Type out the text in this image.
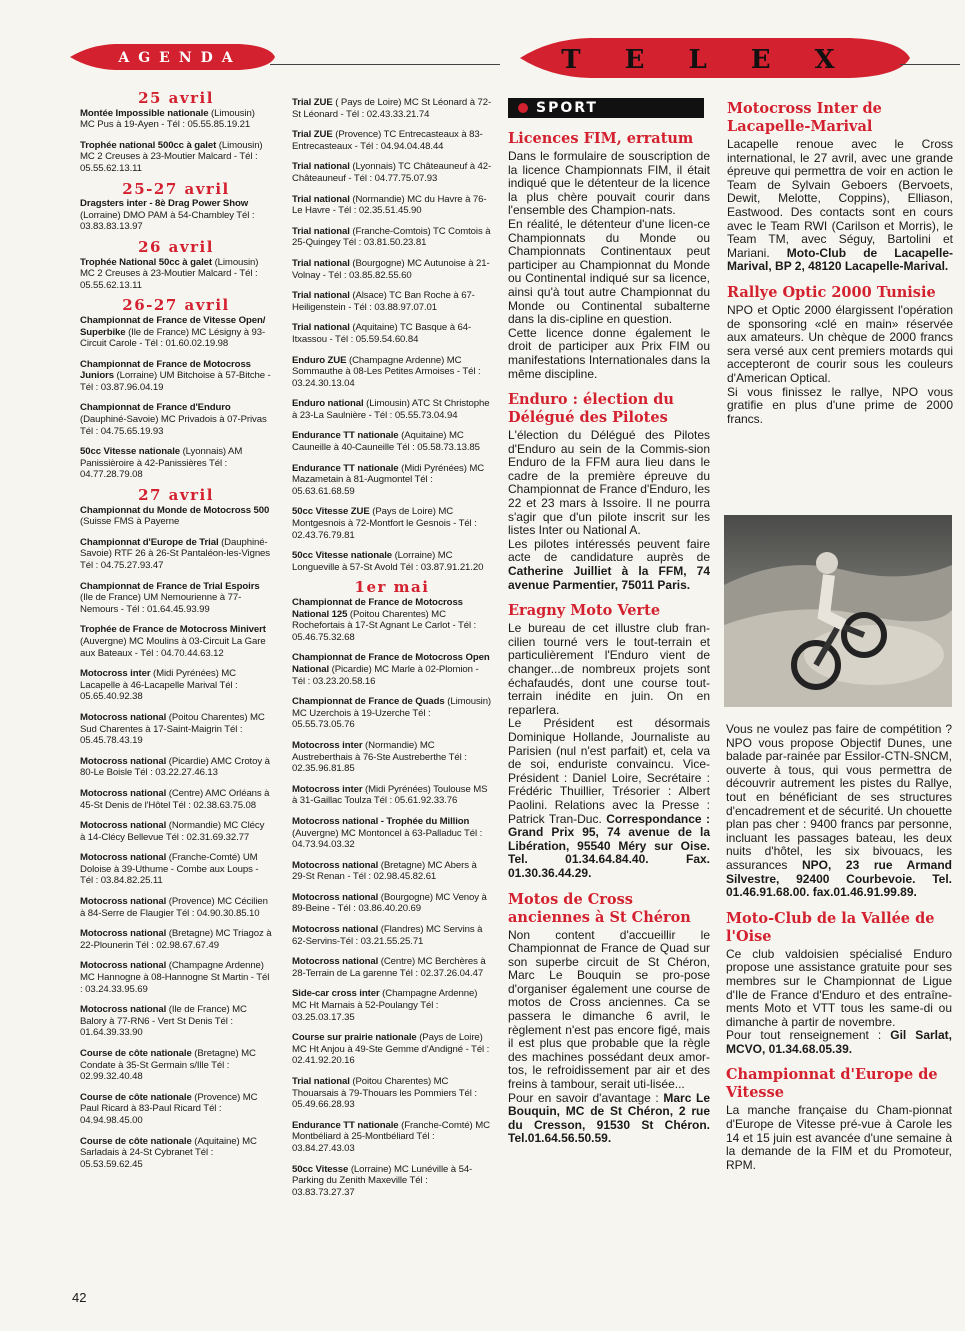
AGENDA	TELEX
25 avril
Montée Impossible nationale (Limousin) MC Pus à 19-Ayen - Tél : 05.55.85.19.21
Trophée national 500cc à galet (Limousin) MC 2 Creuses à 23-Moutier Malcard - Tél : 05.55.62.13.11
25-27 avril
Dragsters inter - 8è Drag Power Show (Lorraine) DMO PAM à 54-Chambley Tél : 03.83.83.13.97
26 avril
Trophée National 50cc à galet (Limousin) MC 2 Creuses à 23-Moutier Malcard - Tél : 05.55.62.13.11
26-27 avril
Championnat de France de Vitesse Open/ Superbike (Ile de France) MC Lésigny à 93-Circuit Carole - Tél : 01.60.02.19.98
Championnat de France de Motocross Juniors (Lorraine) UM Bitchoise à 57-Bitche - Tél : 03.87.96.04.19
Championnat de France d'Enduro (Dauphiné-Savoie) MC Privadois à 07-Privas Tél : 04.75.65.19.93
50cc Vitesse nationale (Lyonnais) AM Panissièroire à 42-Panissières Tél : 04.77.28.79.08
27 avril
Championnat du Monde de Motocross 500 (Suisse FMS à Payerne
Championnat d'Europe de Trial (Dauphiné-Savoie) RTF 26 à 26-St Pantaléon-les-Vignes Tél : 04.75.27.93.47
Championnat de France de Trial Espoirs (Ile de France) UM Nemourienne à 77-Nemours - Tél : 01.64.45.93.99
Trophée de France de Motocross Minivert (Auvergne) MC Moulins à 03-Circuit La Gare aux Bateaux - Tél : 04.70.44.63.12
Motocross inter (Midi Pyrénées) MC Lacapelle à 46-Lacapelle Marival Tél : 05.65.40.92.38
Motocross national (Poitou Charentes) MC Sud Charentes à 17-Saint-Maigrin Tél : 05.45.78.43.19
Motocross national (Picardie) AMC Crotoy à 80-Le Boisle Tél : 03.22.27.46.13
Motocross national (Centre) AMC Orléans à 45-St Denis de l'Hôtel Tél : 02.38.63.75.08
Motocross national (Normandie) MC Clécy à 14-Clécy Bellevue Tél : 02.31.69.32.77
Motocross national (Franche-Comté) UM Doloise à 39-Uthume - Combe aux Loups - Tél : 03.84.82.25.11
Motocross national (Provence) MC Cécilien à 84-Serre de Flaugier Tél : 04.90.30.85.10
Motocross national (Bretagne) MC Triagoz à 22-Plounerin Tél : 02.98.67.67.49
Motocross national (Champagne Ardenne) MC Hannogne à 08-Hannogne St Martin - Tél : 03.24.33.95.69
Motocross national (Ile de France) MC Balory à 77-RN6 - Vert St Denis Tél : 01.64.39.33.90
Course de côte nationale (Bretagne) MC Condate à 35-St Germain s/Ille Tél : 02.99.32.40.48
Course de côte nationale (Provence) MC Paul Ricard à 83-Paul Ricard Tél : 04.94.98.45.00
Course de côte nationale (Aquitaine) MC Sarladais à 24-St Cybranet Tél : 05.53.59.62.45
Trial ZUE ( Pays de Loire) MC St Léonard à 72-St Léonard - Tél : 02.43.33.21.74
Trial ZUE (Provence) TC Entrecasteaux à 83-Entrecasteaux - Tél : 04.94.04.48.44
Trial national (Lyonnais) TC Châteauneuf à 42-Châteauneuf - Tél : 04.77.75.07.93
Trial national (Normandie) MC du Havre à 76-Le Havre - Tél : 02.35.51.45.90
Trial national (Franche-Comtois) TC Comtois à 25-Quingey Tél : 03.81.50.23.81
Trial national (Bourgogne) MC Autunoise à 21-Volnay - Tél : 03.85.82.55.60
Trial national (Alsace) TC Ban Roche à 67-Heiligenstein - Tél : 03.88.97.07.01
Trial national (Aquitaine) TC Basque à 64-Itxassou - Tél : 05.59.54.60.84
Enduro ZUE (Champagne Ardenne) MC Sommauthe à 08-Les Petites Armoises - Tél : 03.24.30.13.04
Enduro national (Limousin) ATC St Christophe à 23-La Saulnière - Tél : 05.55.73.04.94
Endurance TT nationale (Aquitaine) MC Cauneille à 40-Cauneille Tél : 05.58.73.13.85
Endurance TT nationale (Midi Pyrénées) MC Mazametain à 81-Augmontel Tél : 05.63.61.68.59
50cc Vitesse ZUE (Pays de Loire) MC Montgesnois à 72-Montfort le Gesnois - Tél : 02.43.76.79.81
50cc Vitesse nationale (Lorraine) MC Longueville à 57-St Avold Tél : 03.87.91.21.20
1er mai
Championnat de France de Motocross National 125 (Poitou Charentes) MC Rochefortais à 17-St Agnant Le Carlot - Tél : 05.46.75.32.68
Championnat de France de Motocross Open National (Picardie) MC Marle à 02-Plomion - Tél : 03.23.20.58.16
Championnat de France de Quads (Limousin) MC Uzerchois à 19-Uzerche Tél : 05.55.73.05.76
Motocross inter (Normandie) MC Austreberthais à 76-Ste Austreberthe Tél : 02.35.96.81.85
Motocross inter (Midi Pyrénées) Toulouse MS à 31-Gaillac Toulza Tél : 05.61.92.33.76
Motocross national - Trophée du Million (Auvergne) MC Montoncel à 63-Palladuc Tél : 04.73.94.03.32
Motocross national (Bretagne) MC Abers à 29-St Renan - Tél : 02.98.45.82.61
Motocross national (Bourgogne) MC Venoy à 89-Beine - Tél : 03.86.40.20.69
Motocross national (Flandres) MC Servins à 62-Servins-Tél : 03.21.55.25.71
Motocross national (Centre) MC Berchères à 28-Terrain de La garenne Tél : 02.37.26.04.47
Side-car cross inter (Champagne Ardenne) MC Ht Marnais à 52-Poulangy Tél : 03.25.03.17.35
Course sur prairie nationale (Pays de Loire) MC Ht Anjou à 49-Ste Gemme d'Andigné - Tél : 02.41.92.20.16
Trial national (Poitou Charentes) MC Thouarsais à 79-Thouars les Pommiers Tél : 05.49.66.28.93
Endurance TT nationale (Franche-Comté) MC Montbéliard à 25-Montbéliard Tél : 03.84.27.43.03
50cc Vitesse (Lorraine) MC Lunéville à 54-Parking du Zenith Maxeville Tél : 03.83.73.27.37
SPORT
Licences FIM, erratum

Dans le formulaire de souscription de la licence Championnats FIM, il était indiqué que le détenteur de la licence la plus chère pouvait courir dans l'ensemble des Champion-nats.

En réalité, le détenteur d'une licen-ce Championnats du Monde ou Championnats Continentaux peut participer au Championnat du Monde ou Continental indiqué sur sa licence, ainsi qu'à tout autre Championnat du Monde ou Continental subalterne dans la dis-cipline en question.

Cette licence donne également le droit de participer aux Prix FIM ou manifestations Internationales dans la même discipline.

Enduro : élection du Délégué des Pilotes

L'élection du Délégué des Pilotes d'Enduro au sein de la Commis-sion Enduro de la FFM aura lieu dans le cadre de la première épreuve du Championnat de France d'Enduro, les 22 et 23 mars à Issoire. Il ne pourra s'agir que d'un pilote inscrit sur les listes Inter ou National A.

Les pilotes intéressés peuvent faire acte de candidature auprès de Catherine Juilliet à la FFM, 74 avenue Parmentier, 75011 Paris.

Eragny Moto Verte

Le bureau de cet illustre club fran-cilien tourné vers le tout-terrain et particulièrement l'Enduro vient de changer...de nombreux projets sont échafaudés, dont une course tout-terrain inédite en juin. On en reparlera.

Le Président est désormais Dominique Hollande, Journaliste au Parisien (nul n'est parfait) et, cela va de soi, enduriste convaincu. Vice-Président : Daniel Loire, Secrétaire : Frédéric Thuillier, Trésorier : Albert Paolini. Relations avec la Presse : Patrick Tran-Duc. Correspondance : Grand Prix 95, 74 avenue de la Libération, 95540 Méry sur Oise. Tel. 01.34.64.84.40. Fax. 01.30.36.44.29.

Motos de Cross anciennes à St Chéron

Non content d'accueillir le Championnat de France de Quad sur son superbe circuit de St Chéron, Marc Le Bouquin se pro-pose d'organiser également une course de motos de Cross anciennes. Ca se passera le dimanche 6 avril, le règlement n'est pas encore figé, mais il est plus que probable que la règle des machines possédant deux amor-tos, le refroidissement par air et des freins à tambour, serait uti-lisée...

Pour en savoir d'avantage : Marc Le Bouquin, MC de St Chéron, 2 rue du Cresson, 91530 St Chéron. Tel.01.64.56.50.59.

Motocross Inter de Lacapelle-Marival

Lacapelle renoue avec le Cross international, le 27 avril, avec une grande épreuve qui permettra de voir en action le Team de Sylvain Geboers (Bervoets, Dewit, Melotte, Coppins), Elliason, Eastwood. Des contacts sont en cours avec le Team RWI (Carilson et Morris), le Team TM, avec Séguy, Bartolini et Mariani. Moto-Club de Lacapelle-Marival, BP 2, 48120 Lacapelle-Marival.

Rallye Optic 2000 Tunisie

NPO et Optic 2000 élargissent l'opération de sponsoring «clé en main» réservée aux amateurs. Un chèque de 2000 francs sera versé aux cent premiers motards qui accepteront de courir sous les couleurs d'American Optical.

Si vous finissez le rallye, NPO vous gratifie en plus d'une prime de 2000 francs.

Vous ne voulez pas faire de compétition ? NPO vous propose Objectif Dunes, une balade par-rainée par Essilor-CTN-SNCM, ouverte à tous, qui vous permettra de découvrir autrement les pistes du Rallye, tout en bénéficiant de ses structures d'encadrement et de sécurité. Un chouette plan pas cher : 9400 francs par personne, incluant les passages bateau, les deux nuits d'hôtel, les six bivouacs, les assurances NPO, 23 rue Armand Silvestre, 92400 Courbevoie. Tel. 01.46.91.68.00. fax.01.46.91.99.89.

Moto-Club de la Vallée de l'Oise

Ce club valdoisien spécialisé Enduro propose une assistance gratuite pour ses membres sur le Championnat de Ligue d'Ile de France d'Enduro et des entraîne-ments Moto et VTT tous les same-di ou dimanche à partir de novembre.

Pour tout renseignement : Gil Sarlat, MCVO, 01.34.68.05.39.

Championnat d'Europe de Vitesse

La manche française du Cham-pionnat d'Europe de Vitesse pré-vue à Carole les 14 et 15 juin est avancée d'une semaine à la demande de la FIM et du Promoteur, RPM.

42
